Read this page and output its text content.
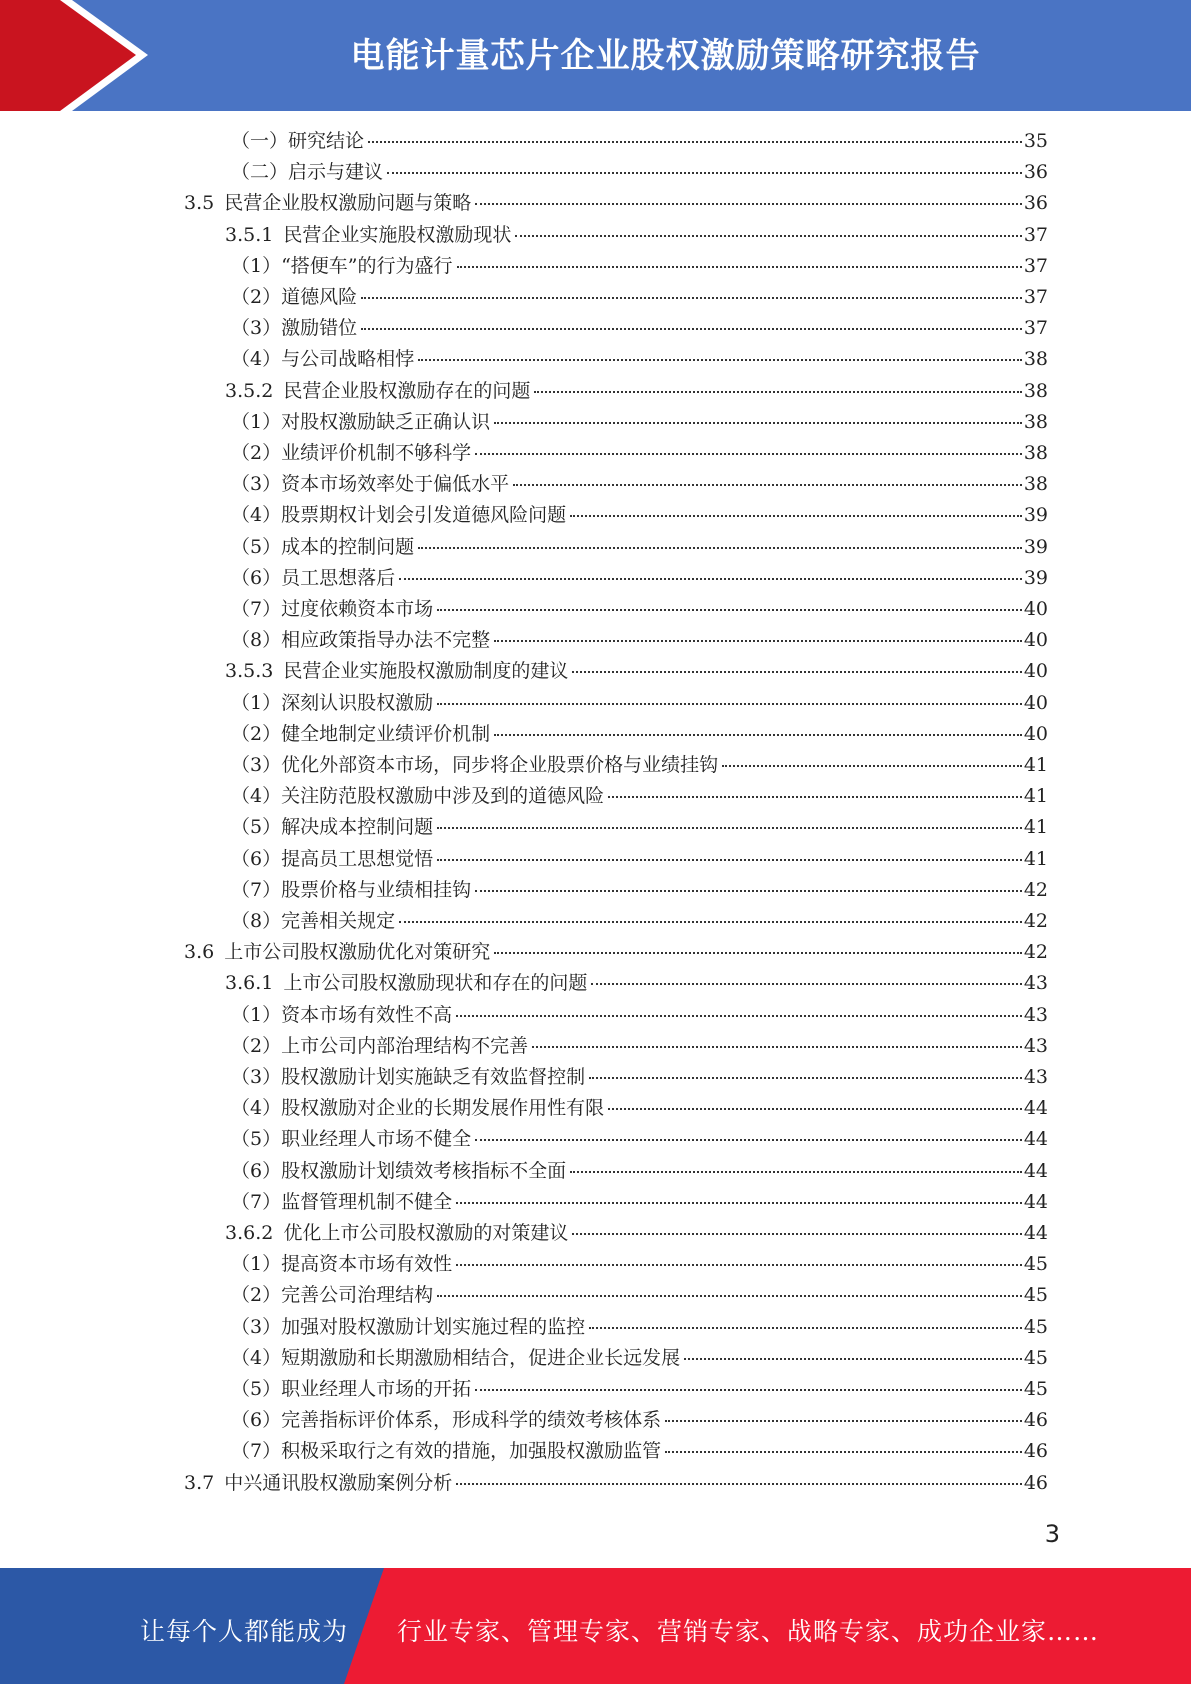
电能计量芯片企业股权激励策略研究报告
（一）研究结论	35
（二）启示与建议	36
3.5 民营企业股权激励问题与策略	36
3.5.1 民营企业实施股权激励现状	37
（1）“搭便车”的行为盛行	37
（2）道德风险	37
（3）激励错位	37
（4）与公司战略相悖	38
3.5.2 民营企业股权激励存在的问题	38
（1）对股权激励缺乏正确认识	38
（2）业绩评价机制不够科学	38
（3）资本市场效率处于偏低水平	38
（4）股票期权计划会引发道德风险问题	39
（5）成本的控制问题	39
（6）员工思想落后	39
（7）过度依赖资本市场	40
（8）相应政策指导办法不完整	40
3.5.3 民营企业实施股权激励制度的建议	40
（1）深刻认识股权激励	40
（2）健全地制定业绩评价机制	40
（3）优化外部资本市场，同步将企业股票价格与业绩挂钩	41
（4）关注防范股权激励中涉及到的道德风险	41
（5）解决成本控制问题	41
（6）提高员工思想觉悟	41
（7）股票价格与业绩相挂钩	42
（8）完善相关规定	42
3.6 上市公司股权激励优化对策研究	42
3.6.1 上市公司股权激励现状和存在的问题	43
（1）资本市场有效性不高	43
（2）上市公司内部治理结构不完善	43
（3）股权激励计划实施缺乏有效监督控制	43
（4）股权激励对企业的长期发展作用性有限	44
（5）职业经理人市场不健全	44
（6）股权激励计划绩效考核指标不全面	44
（7）监督管理机制不健全	44
3.6.2 优化上市公司股权激励的对策建议	44
（1）提高资本市场有效性	45
（2）完善公司治理结构	45
（3）加强对股权激励计划实施过程的监控	45
（4）短期激励和长期激励相结合，促进企业长远发展	45
（5）职业经理人市场的开拓	45
（6）完善指标评价体系，形成科学的绩效考核体系	46
（7）积极采取行之有效的措施，加强股权激励监管	46
3.7 中兴通讯股权激励案例分析	46
3
让每个人都能成为 行业专家、管理专家、营销专家、战略专家、成功企业家……
